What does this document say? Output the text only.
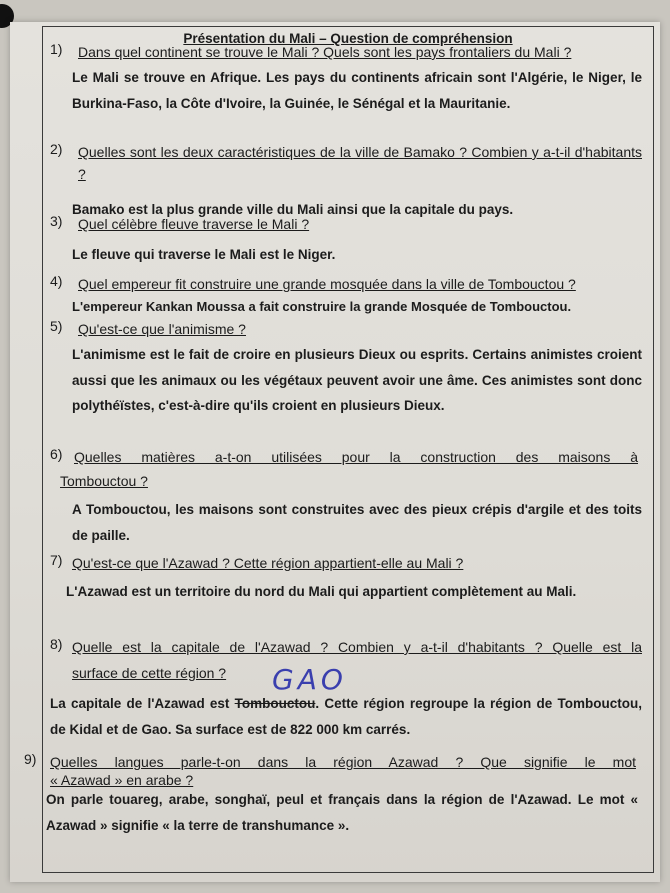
Présentation du Mali – Question de compréhension
1) Dans quel continent se trouve le Mali ? Quels sont les pays frontaliers du Mali ?
Le Mali se trouve en Afrique. Les pays du continents africain sont l'Algérie, le Niger, le Burkina-Faso, la Côte d'Ivoire, la Guinée, le Sénégal et la Mauritanie.
2) Quelles sont les deux caractéristiques de la ville de Bamako ? Combien y a-t-il d'habitants ?
Bamako est la plus grande ville du Mali ainsi que la capitale du pays.
3) Quel célèbre fleuve traverse le Mali ?
Le fleuve qui traverse le Mali est le Niger.
4) Quel empereur fit construire une grande mosquée dans la ville de Tombouctou ?
L'empereur Kankan Moussa a fait construire la grande Mosquée de Tombouctou.
5) Qu'est-ce que l'animisme ?
L'animisme est le fait de croire en plusieurs Dieux ou esprits. Certains animistes croient aussi que les animaux ou les végétaux peuvent avoir une âme. Ces animistes sont donc polythéïstes, c'est-à-dire qu'ils croient en plusieurs Dieux.
6) Quelles matières a-t-on utilisées pour la construction des maisons à
Tombouctou ?
A Tombouctou, les maisons sont construites avec des pieux crépis d'argile et des toits de paille.
7) Qu'est-ce que l'Azawad ? Cette région appartient-elle au Mali ?
L'Azawad est un territoire du nord du Mali qui appartient complètement au Mali.
8) Quelle est la capitale de l'Azawad ? Combien y a-t-il d'habitants ? Quelle est la
surface de cette région ?	GAO
La capitale de l'Azawad est Tombouctou. Cette région regroupe la région de Tombouctou, de Kidal et de Gao. Sa surface est de 822 000 km carrés.
9) Quelles langues parle-t-on dans la région Azawad ? Que signifie le mot
« Azawad » en arabe ?
On parle touareg, arabe, songhaï, peul et français dans la région de l'Azawad. Le mot « Azawad » signifie « la terre de transhumance ».
